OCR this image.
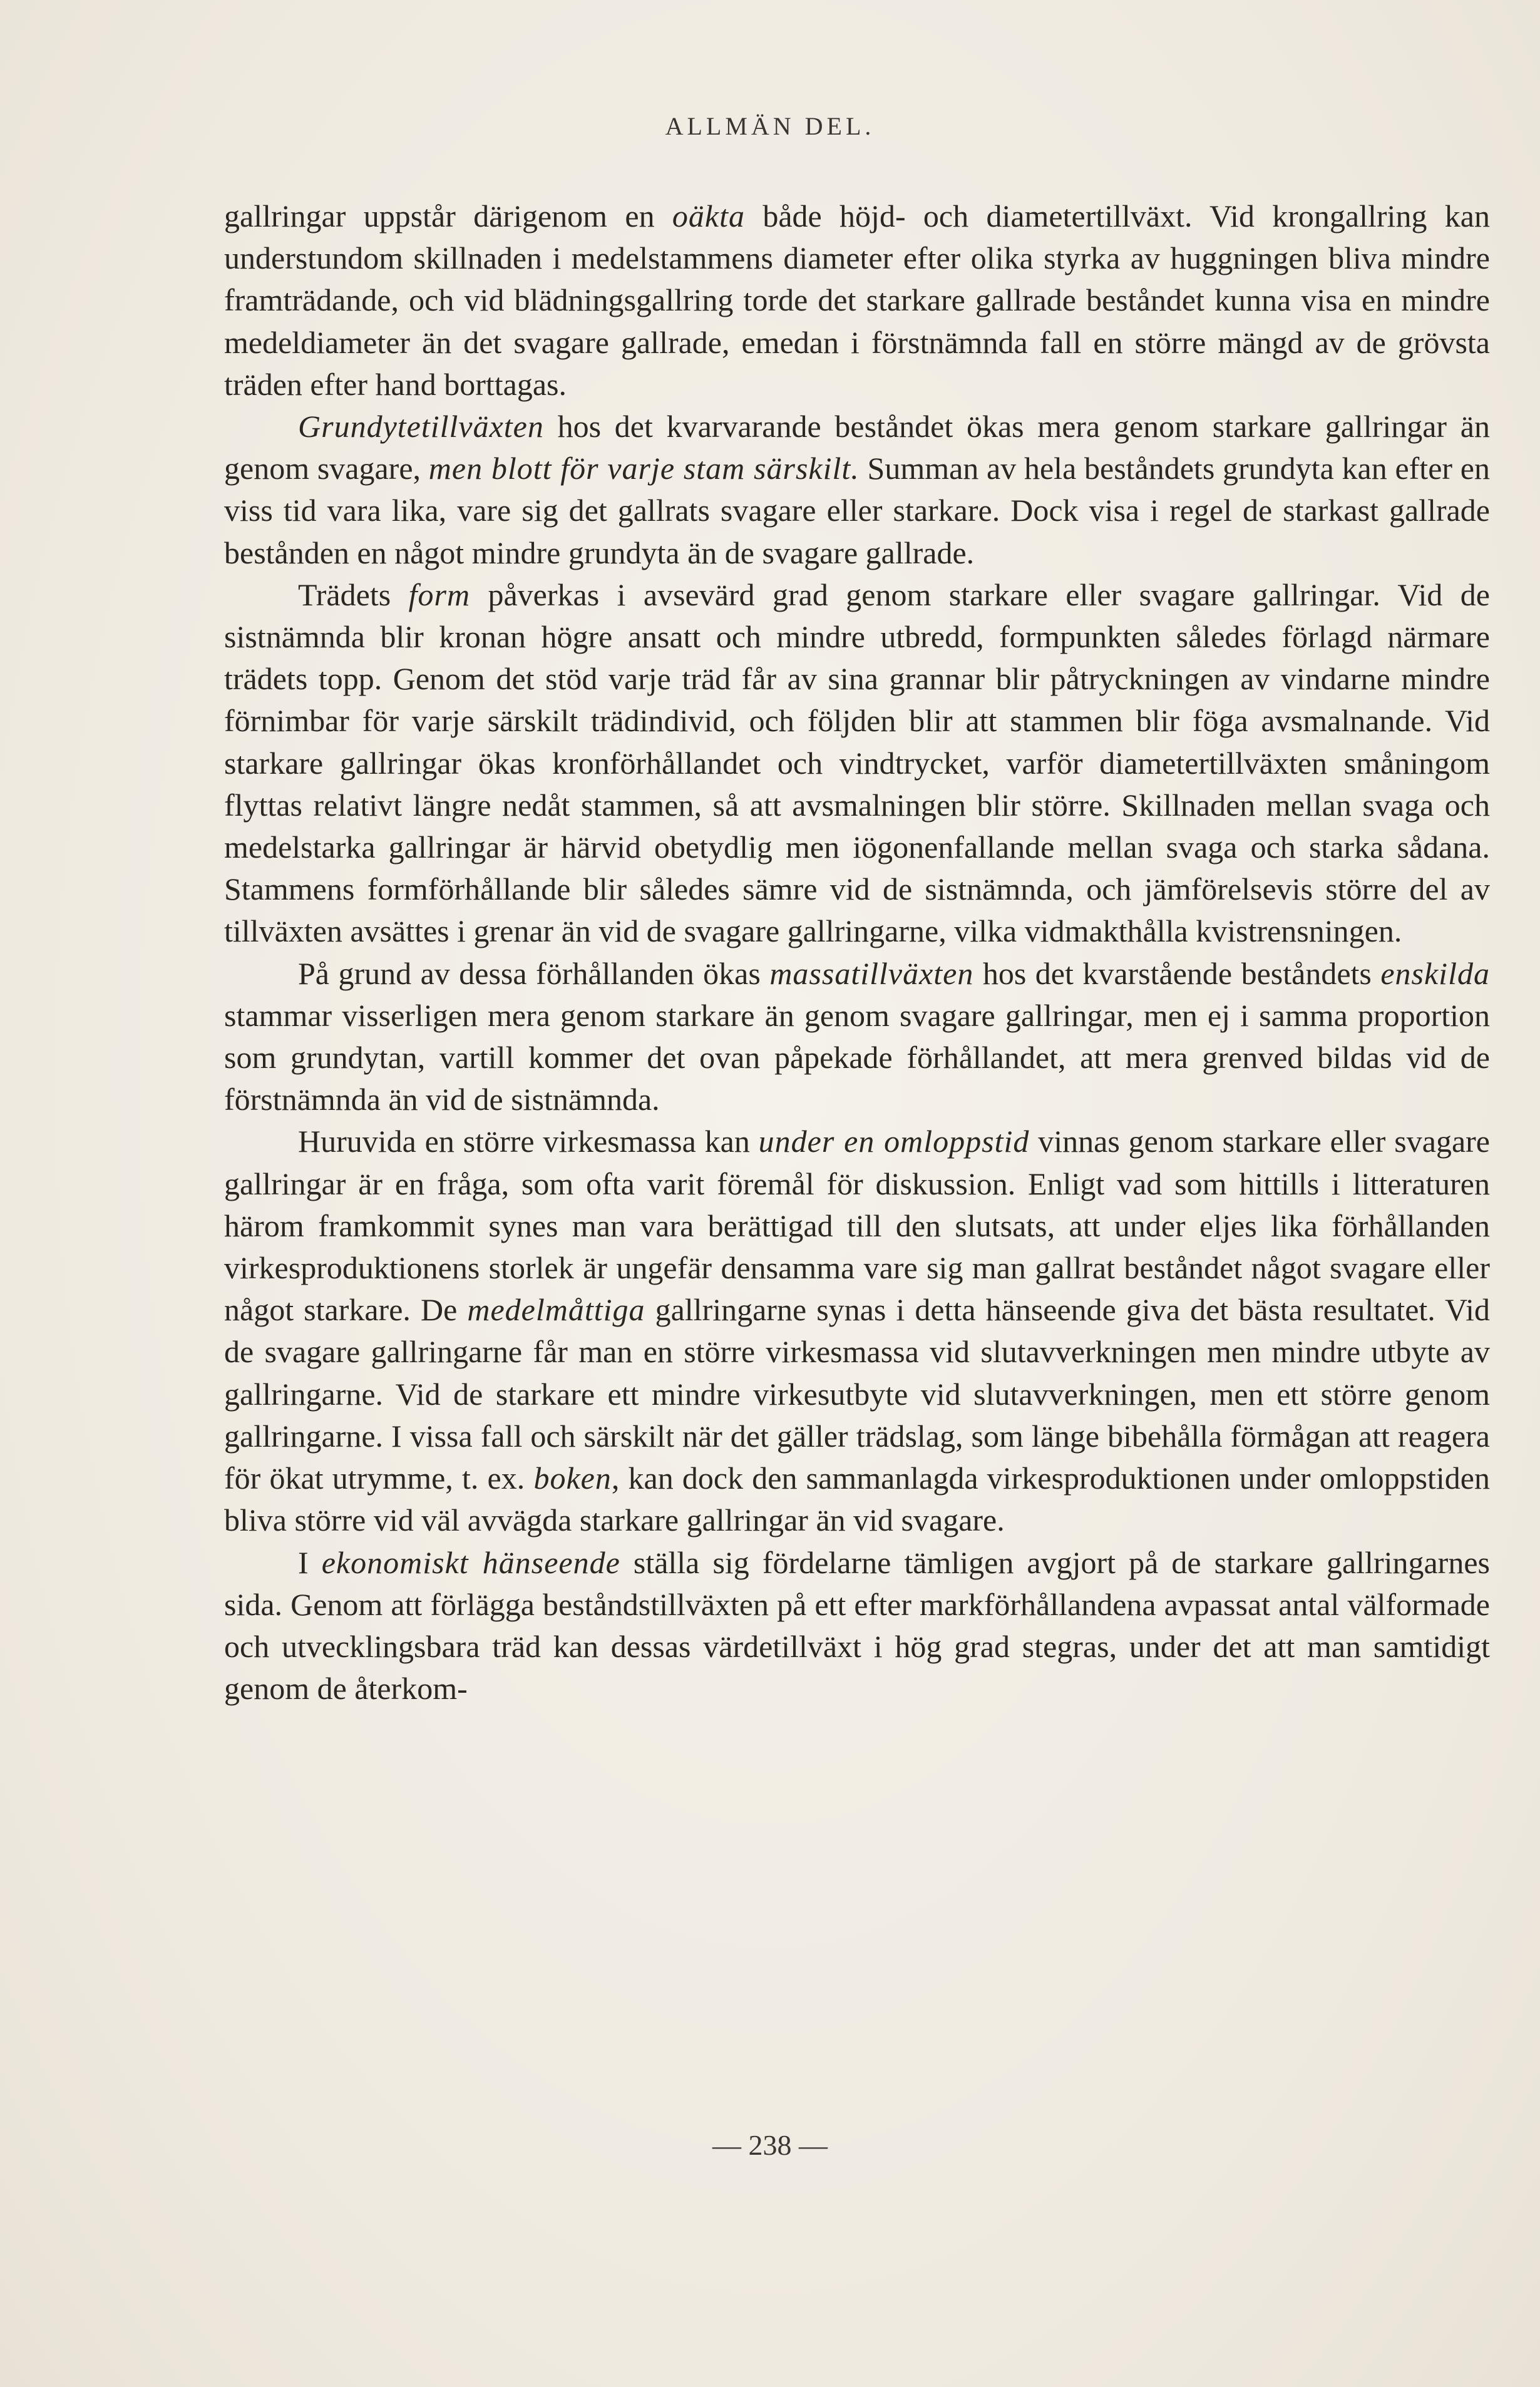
ALLMÄN DEL.

gallringar uppstår därigenom en oäkta både höjd- och diametertillväxt. Vid krongallring kan understundom skillnaden i medelstammens diameter efter olika styrka av huggningen bliva mindre framträdande, och vid blädningsgallring torde det starkare gallrade beståndet kunna visa en mindre medeldiameter än det svagare gallrade, emedan i förstnämnda fall en större mängd av de grövsta träden efter hand borttagas.

Grundytetillväxten hos det kvarvarande beståndet ökas mera genom starkare gallringar än genom svagare, men blott för varje stam särskilt. Summan av hela beståndets grundyta kan efter en viss tid vara lika, vare sig det gallrats svagare eller starkare. Dock visa i regel de starkast gallrade bestånden en något mindre grundyta än de svagare gallrade.

Trädets form påverkas i avsevärd grad genom starkare eller svagare gallringar. Vid de sistnämnda blir kronan högre ansatt och mindre utbredd, formpunkten således förlagd närmare trädets topp. Genom det stöd varje träd får av sina grannar blir påtryckningen av vindarne mindre förnimbar för varje särskilt trädindivid, och följden blir att stammen blir föga avsmalnande. Vid starkare gallringar ökas kronförhållandet och vindtrycket, varför diametertillväxten småningom flyttas relativt längre nedåt stammen, så att avsmalningen blir större. Skillnaden mellan svaga och medelstarka gallringar är härvid obetydlig men iögonenfallande mellan svaga och starka sådana. Stammens formförhållande blir således sämre vid de sistnämnda, och jämförelsevis större del av tillväxten avsättes i grenar än vid de svagare gallringarne, vilka vidmakthålla kvistrensningen.

På grund av dessa förhållanden ökas massatillväxten hos det kvarstående beståndets enskilda stammar visserligen mera genom starkare än genom svagare gallringar, men ej i samma proportion som grundytan, vartill kommer det ovan påpekade förhållandet, att mera grenved bildas vid de förstnämnda än vid de sistnämnda.

Huruvida en större virkesmassa kan under en omloppstid vinnas genom starkare eller svagare gallringar är en fråga, som ofta varit föremål för diskussion. Enligt vad som hittills i litteraturen härom framkommit synes man vara berättigad till den slutsats, att under eljes lika förhållanden virkesproduktionens storlek är ungefär densamma vare sig man gallrat beståndet något svagare eller något starkare. De medelmåttiga gallringarne synas i detta hänseende giva det bästa resultatet. Vid de svagare gallringarne får man en större virkesmassa vid slutavverkningen men mindre utbyte av gallringarne. Vid de starkare ett mindre virkesutbyte vid slutavverkningen, men ett större genom gallringarne. I vissa fall och särskilt när det gäller trädslag, som länge bibehålla förmågan att reagera för ökat utrymme, t. ex. boken, kan dock den sammanlagda virkesproduktionen under omloppstiden bliva större vid väl avvägda starkare gallringar än vid svagare.

I ekonomiskt hänseende ställa sig fördelarne tämligen avgjort på de starkare gallringarnes sida. Genom att förlägga beståndstillväxten på ett efter markförhållandena avpassat antal välformade och utvecklingsbara träd kan dessas värdetillväxt i hög grad stegras, under det att man samtidigt genom de återkom-

— 238 —
